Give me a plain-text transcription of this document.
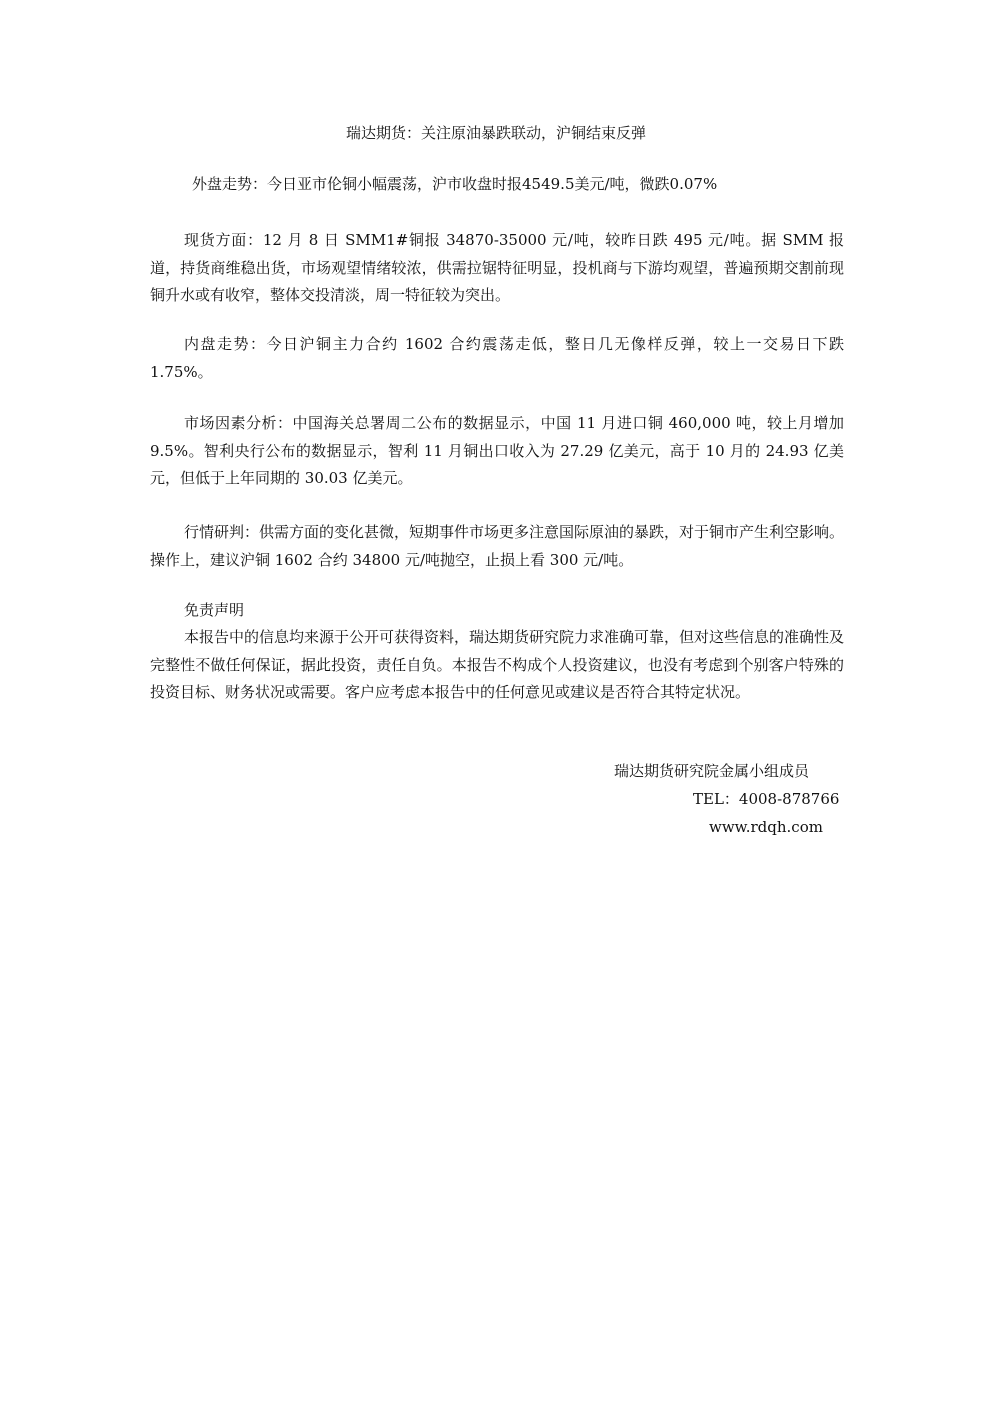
瑞达期货：关注原油暴跌联动，沪铜结束反弹

外盘走势：今日亚市伦铜小幅震荡，沪市收盘时报4549.5美元/吨，微跌0.07%

现货方面：12 月 8 日 SMM1#铜报 34870-35000 元/吨，较昨日跌 495 元/吨。据 SMM 报道，持货商维稳出货，市场观望情绪较浓，供需拉锯特征明显，投机商与下游均观望，普遍预期交割前现铜升水或有收窄，整体交投清淡，周一特征较为突出。

内盘走势：今日沪铜主力合约 1602 合约震荡走低，整日几无像样反弹，较上一交易日下跌 1.75%。

市场因素分析：中国海关总署周二公布的数据显示，中国 11 月进口铜 460,000 吨，较上月增加 9.5%。智利央行公布的数据显示，智利 11 月铜出口收入为 27.29 亿美元，高于 10 月的 24.93 亿美元，但低于上年同期的 30.03 亿美元。

行情研判：供需方面的变化甚微，短期事件市场更多注意国际原油的暴跌，对于铜市产生利空影响。操作上，建议沪铜 1602 合约 34800 元/吨抛空，止损上看 300 元/吨。

免责声明

本报告中的信息均来源于公开可获得资料，瑞达期货研究院力求准确可靠，但对这些信息的准确性及完整性不做任何保证，据此投资，责任自负。本报告不构成个人投资建议，也没有考虑到个别客户特殊的投资目标、财务状况或需要。客户应考虑本报告中的任何意见或建议是否符合其特定状况。

瑞达期货研究院金属小组成员
TEL：4008-878766
www.rdqh.com
